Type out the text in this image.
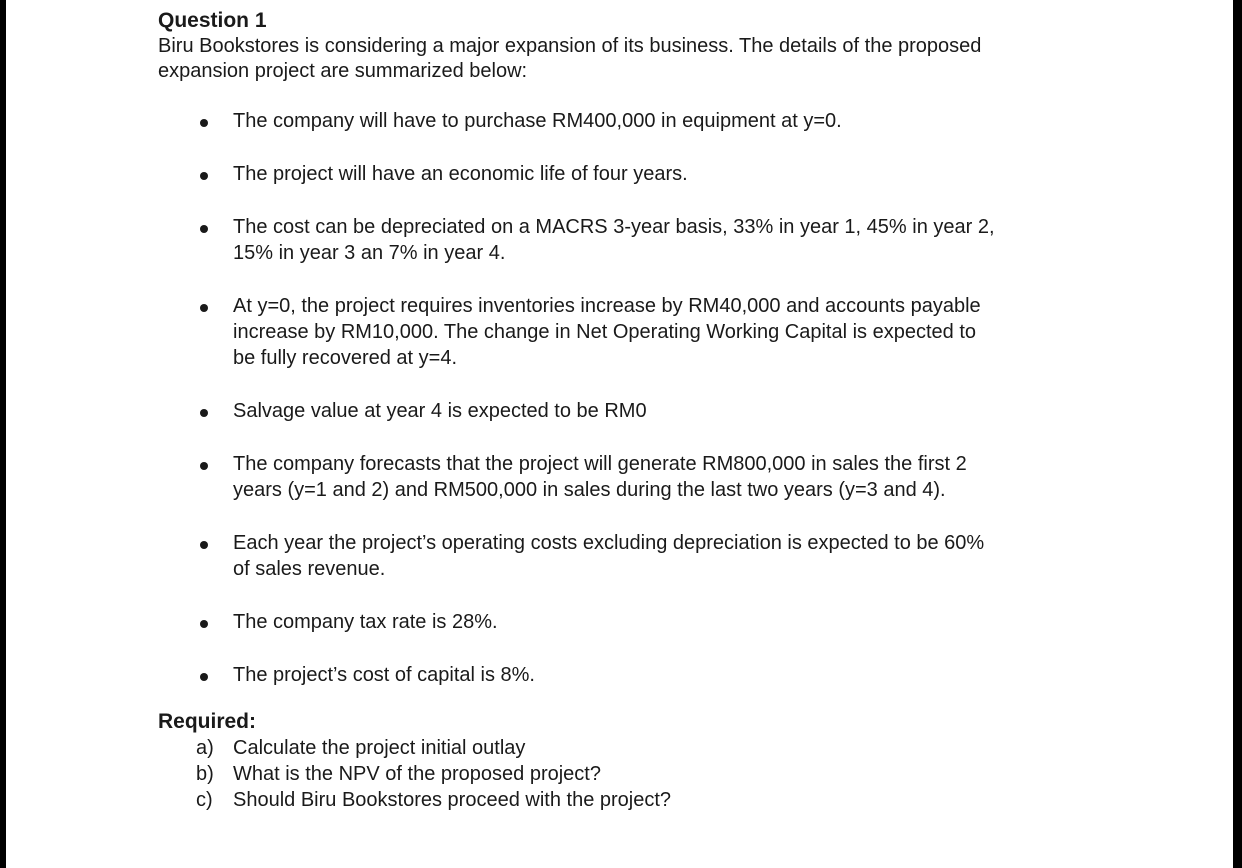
Question 1

Biru Bookstores is considering a major expansion of its business. The details of the proposed
expansion project are summarized below:

The company will have to purchase RM400,000 in equipment at y=0.
The project will have an economic life of four years.
The cost can be depreciated on a MACRS 3-year basis, 33% in year 1, 45% in year 2,
15% in year 3 an 7% in year 4.
At y=0, the project requires inventories increase by RM40,000 and accounts payable
increase by RM10,000. The change in Net Operating Working Capital is expected to
be fully recovered at y=4.
Salvage value at year 4 is expected to be RM0
The company forecasts that the project will generate RM800,000 in sales the first 2
years (y=1 and 2) and RM500,000 in sales during the last two years (y=3 and 4).
Each year the project’s operating costs excluding depreciation is expected to be 60%
of sales revenue.
The company tax rate is 28%.
The project’s cost of capital is 8%.

Required:

a) Calculate the project initial outlay
b) What is the NPV of the proposed project?
c) Should Biru Bookstores proceed with the project?
